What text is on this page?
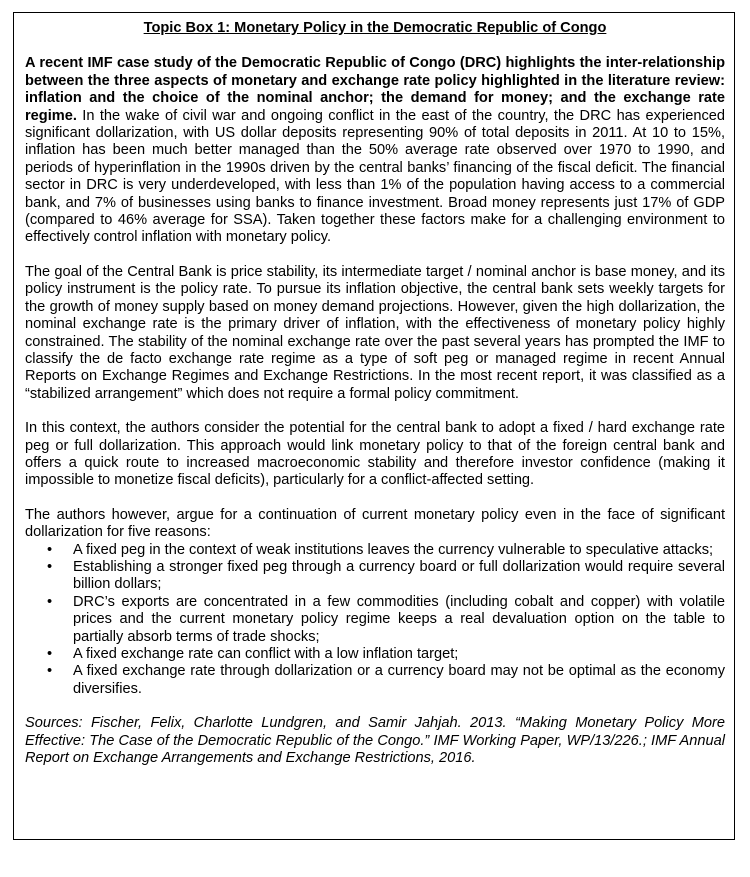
Topic Box 1: Monetary Policy in the Democratic Republic of Congo

A recent IMF case study of the Democratic Republic of Congo (DRC) highlights the inter-relationship between the three aspects of monetary and exchange rate policy highlighted in the literature review: inflation and the choice of the nominal anchor; the demand for money; and the exchange rate regime. In the wake of civil war and ongoing conflict in the east of the country, the DRC has experienced significant dollarization, with US dollar deposits representing 90% of total deposits in 2011. At 10 to 15%, inflation has been much better managed than the 50% average rate observed over 1970 to 1990, and periods of hyperinflation in the 1990s driven by the central banks’ financing of the fiscal deficit. The financial sector in DRC is very underdeveloped, with less than 1% of the population having access to a commercial bank, and 7% of businesses using banks to finance investment. Broad money represents just 17% of GDP (compared to 46% average for SSA). Taken together these factors make for a challenging environment to effectively control inflation with monetary policy.

The goal of the Central Bank is price stability, its intermediate target / nominal anchor is base money, and its policy instrument is the policy rate. To pursue its inflation objective, the central bank sets weekly targets for the growth of money supply based on money demand projections. However, given the high dollarization, the nominal exchange rate is the primary driver of inflation, with the effectiveness of monetary policy highly constrained. The stability of the nominal exchange rate over the past several years has prompted the IMF to classify the de facto exchange rate regime as a type of soft peg or managed regime in recent Annual Reports on Exchange Regimes and Exchange Restrictions. In the most recent report, it was classified as a “stabilized arrangement” which does not require a formal policy commitment.

In this context, the authors consider the potential for the central bank to adopt a fixed / hard exchange rate peg or full dollarization. This approach would link monetary policy to that of the foreign central bank and offers a quick route to increased macroeconomic stability and therefore investor confidence (making it impossible to monetize fiscal deficits), particularly for a conflict-affected setting.

The authors however, argue for a continuation of current monetary policy even in the face of significant dollarization for five reasons:

•	A fixed peg in the context of weak institutions leaves the currency vulnerable to speculative attacks;
•	Establishing a stronger fixed peg through a currency board or full dollarization would require several billion dollars;
•	DRC’s exports are concentrated in a few commodities (including cobalt and copper) with volatile prices and the current monetary policy regime keeps a real devaluation option on the table to partially absorb terms of trade shocks;
•	A fixed exchange rate can conflict with a low inflation target;
•	A fixed exchange rate through dollarization or a currency board may not be optimal as the economy diversifies.

Sources: Fischer, Felix, Charlotte Lundgren, and Samir Jahjah. 2013. “Making Monetary Policy More Effective: The Case of the Democratic Republic of the Congo.” IMF Working Paper, WP/13/226.; IMF Annual Report on Exchange Arrangements and Exchange Restrictions, 2016.
